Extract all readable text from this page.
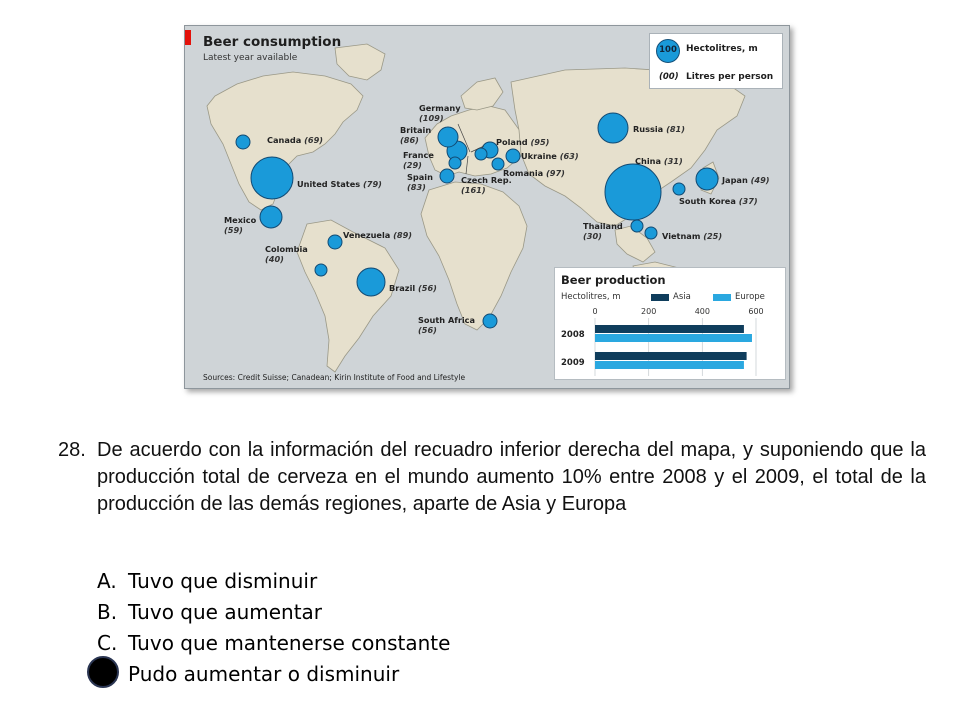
Beer consumption
Latest year available
100	Hectolitres, m
(00) Litres per person
Canada (69)
United States (79)
Mexico
(59)
Colombia
(40)
Venezuela (89)
Brazil (56)
South Africa
(56)
Germany
(109)
Britain
(86)
France
(29)
Spain
(83)
Poland (95)
Ukraine (63)
Romania (97)
Czech Rep.
(161)
Russia (81)
China (31)
Japan (49)
South Korea (37)
Thailand
(30)	Vietnam (25)
Beer production
Hectolitres, m	Asia	Europe
0	200	400	600
2008
2009
Sources: Credit Suisse; Canadean; Kirin Institute of Food and Lifestyle
28. De acuerdo con la información del recuadro inferior derecha del mapa, y suponiendo que la producción total de cerveza en el mundo aumento 10% entre 2008 y el 2009, el total de la producción de las demás regiones, aparte de Asia y Europa
A. Tuvo que disminuir
B. Tuvo que aumentar
C. Tuvo que mantenerse constante
Pudo aumentar o disminuir
